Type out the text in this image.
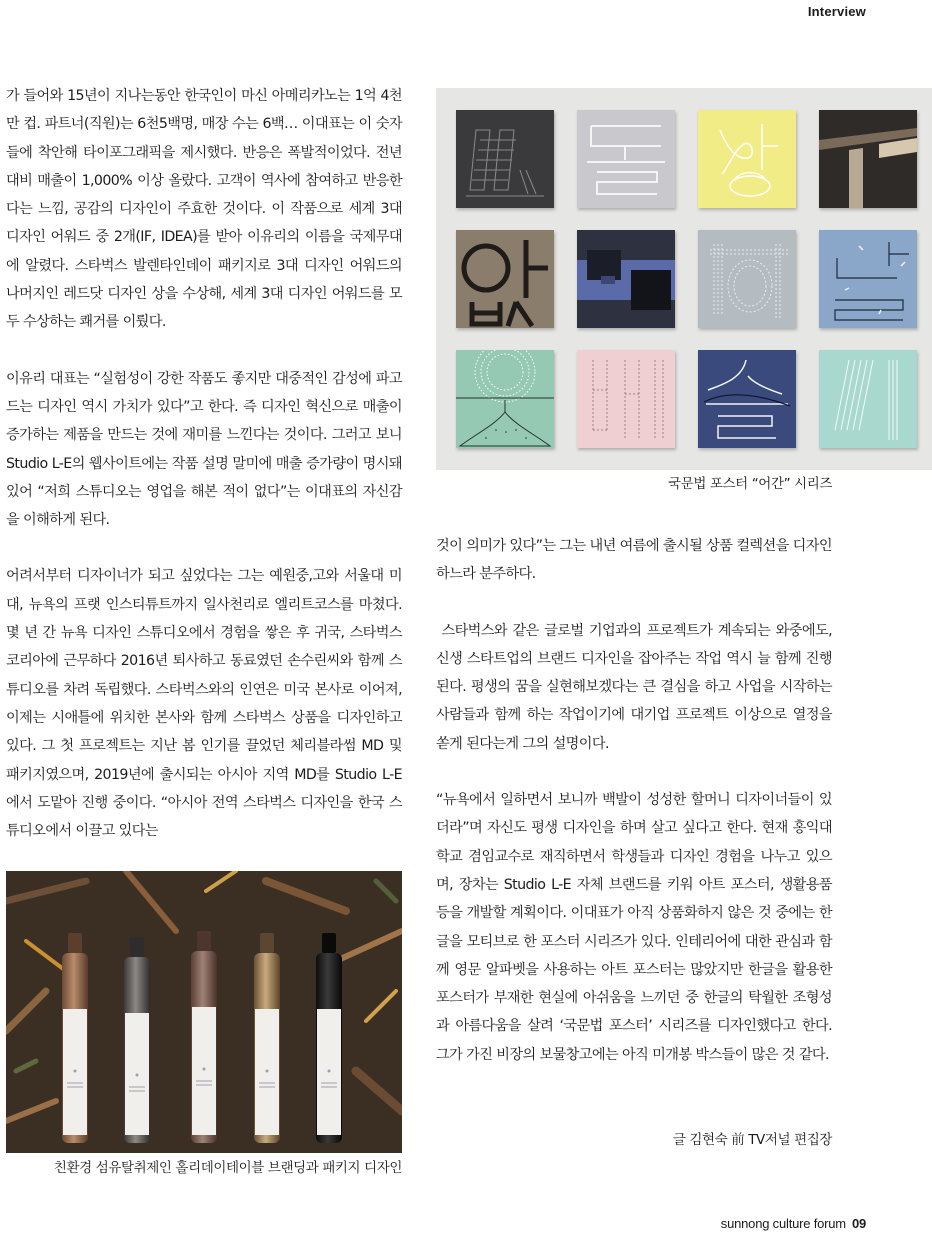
Interview

가 들어와 15년이 지나는동안 한국인이 마신 아메리카노는 1억 4천만 컵. 파트너(직원)는 6천5백명, 매장 수는 6백… 이대표는 이 숫자들에 착안해 타이포그래픽을 제시했다. 반응은 폭발적이었다. 전년대비 매출이 1,000% 이상 올랐다. 고객이 역사에 참여하고 반응한다는 느낌, 공감의 디자인이 주효한 것이다. 이 작품으로 세계 3대 디자인 어워드 중 2개(IF, IDEA)를 받아 이유리의 이름을 국제무대에 알렸다. 스타벅스 발렌타인데이 패키지로 3대 디자인 어워드의 나머지인 레드닷 디자인 상을 수상해, 세계 3대 디자인 어워드를 모두 수상하는 쾌거를 이뤘다.

이유리 대표는 “실험성이 강한 작품도 좋지만 대중적인 감성에 파고드는 디자인 역시 가치가 있다”고 한다. 즉 디자인 혁신으로 매출이 증가하는 제품을 만드는 것에 재미를 느낀다는 것이다. 그러고 보니 Studio L-E의 웹사이트에는 작품 설명 말미에 매출 증가량이 명시돼 있어 “저희 스튜디오는 영업을 해본 적이 없다”는 이대표의 자신감을 이해하게 된다.

어려서부터 디자이너가 되고 싶었다는 그는 예원중,고와 서울대 미대, 뉴욕의 프랫 인스티튜트까지 일사천리로 엘리트코스를 마쳤다. 몇 년 간 뉴욕 디자인 스튜디오에서 경험을 쌓은 후 귀국, 스타벅스 코리아에 근무하다 2016년 퇴사하고 동료였던 손수린씨와 함께 스튜디오를 차려 독립했다. 스타벅스와의 인연은 미국 본사로 이어져, 이제는 시애틀에 위치한 본사와 함께 스타벅스 상품을 디자인하고 있다. 그 첫 프로젝트는 지난 봄 인기를 끌었던 체리블라썸 MD 및 패키지였으며, 2019년에 출시되는 아시아 지역 MD를 Studio L-E에서 도맡아 진행 중이다. “아시아 전역 스타벅스 디자인을 한국 스튜디오에서 이끌고 있다는

국문법 포스터 “어간” 시리즈

것이 의미가 있다”는 그는 내년 여름에 출시될 상품 컬렉션을 디자인하느라 분주하다.

스타벅스와 같은 글로벌 기업과의 프로젝트가 계속되는 와중에도, 신생 스타트업의 브랜드 디자인을 잡아주는 작업 역시 늘 함께 진행된다. 평생의 꿈을 실현해보겠다는 큰 결심을 하고 사업을 시작하는 사람들과 함께 하는 작업이기에 대기업 프로젝트 이상으로 열정을 쏟게 된다는게 그의 설명이다.

“뉴욕에서 일하면서 보니까 백발이 성성한 할머니 디자이너들이 있더라”며 자신도 평생 디자인을 하며 살고 싶다고 한다. 현재 홍익대학교 겸임교수로 재직하면서 학생들과 디자인 경험을 나누고 있으며, 장차는 Studio L-E 자체 브랜드를 키워 아트 포스터, 생활용품 등을 개발할 계획이다. 이대표가 아직 상품화하지 않은 것 중에는 한글을 모티브로 한 포스터 시리즈가 있다. 인테리어에 대한 관심과 함께 영문 알파벳을 사용하는 아트 포스터는 많았지만 한글을 활용한 포스터가 부재한 현실에 아쉬움을 느끼던 중 한글의 탁월한 조형성과 아름다움을 살려 ‘국문법 포스터’ 시리즈를 디자인했다고 한다. 그가 가진 비장의 보물창고에는 아직 미개봉 박스들이 많은 것 같다.

글 김현숙 前 TV저널 편집장
친환경 섬유탈취제인 홀리데이테이블 브랜딩과 패키지 디자인
sunnong culture forum 09
